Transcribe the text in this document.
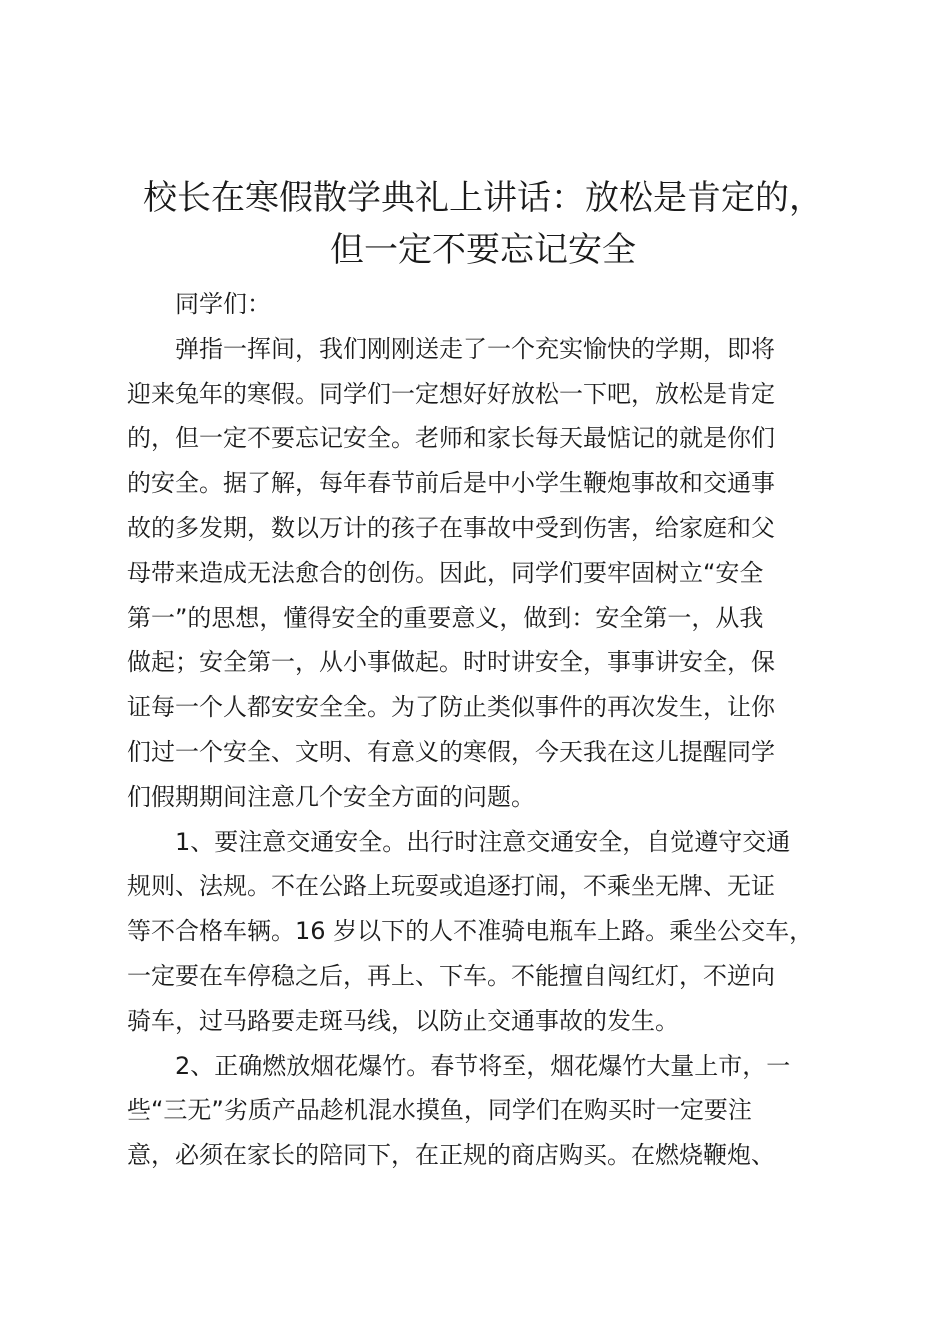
校长在寒假散学典礼上讲话：放松是肯定的，
但一定不要忘记安全

同学们：

弹指一挥间，我们刚刚送走了一个充实愉快的学期，即将
迎来兔年的寒假。同学们一定想好好放松一下吧，放松是肯定
的，但一定不要忘记安全。老师和家长每天最惦记的就是你们
的安全。据了解，每年春节前后是中小学生鞭炮事故和交通事
故的多发期，数以万计的孩子在事故中受到伤害，给家庭和父
母带来造成无法愈合的创伤。因此，同学们要牢固树立“安全
第一”的思想，懂得安全的重要意义，做到：安全第一，从我
做起；安全第一，从小事做起。时时讲安全，事事讲安全，保
证每一个人都安安全全。为了防止类似事件的再次发生，让你
们过一个安全、文明、有意义的寒假，今天我在这儿提醒同学
们假期期间注意几个安全方面的问题。

1、要注意交通安全。出行时注意交通安全，自觉遵守交通
规则、法规。不在公路上玩耍或追逐打闹，不乘坐无牌、无证
等不合格车辆。16 岁以下的人不准骑电瓶车上路。乘坐公交车，
一定要在车停稳之后，再上、下车。不能擅自闯红灯，不逆向
骑车，过马路要走斑马线，以防止交通事故的发生。

2、正确燃放烟花爆竹。春节将至，烟花爆竹大量上市，一
些“三无”劣质产品趁机混水摸鱼，同学们在购买时一定要注
意，必须在家长的陪同下，在正规的商店购买。在燃烧鞭炮、
